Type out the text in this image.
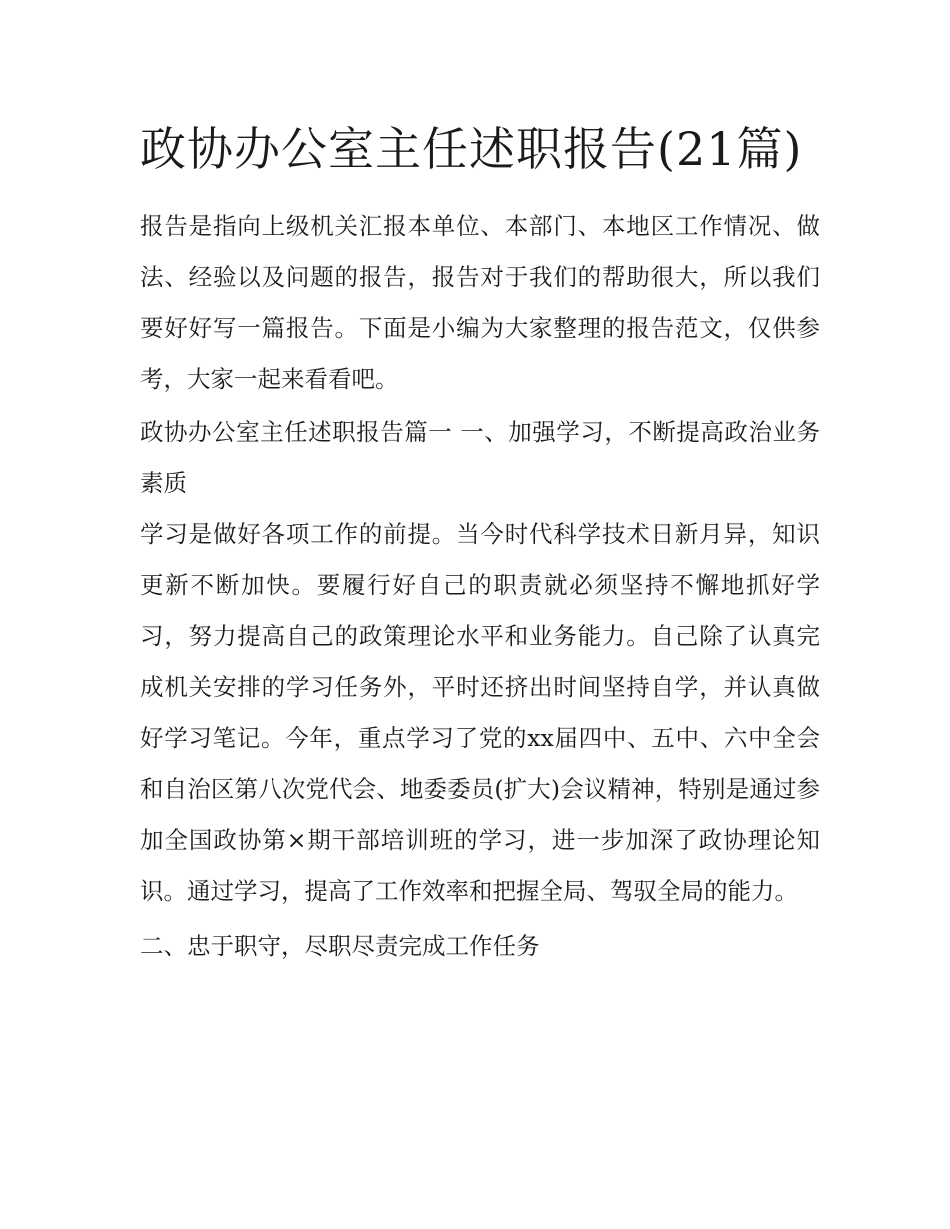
政协办公室主任述职报告(21篇)

报告是指向上级机关汇报本单位、本部门、本地区工作情况、做法、经验以及问题的报告，报告对于我们的帮助很大，所以我们要好好写一篇报告。下面是小编为大家整理的报告范文，仅供参考，大家一起来看看吧。

政协办公室主任述职报告篇一 一、加强学习，不断提高政治业务素质

学习是做好各项工作的前提。当今时代科学技术日新月异，知识更新不断加快。要履行好自己的职责就必须坚持不懈地抓好学习，努力提高自己的政策理论水平和业务能力。自己除了认真完成机关安排的学习任务外，平时还挤出时间坚持自学，并认真做好学习笔记。今年，重点学习了党的xx届四中、五中、六中全会和自治区第八次党代会、地委委员(扩大)会议精神，特别是通过参加全国政协第×期干部培训班的学习，进一步加深了政协理论知识。通过学习，提高了工作效率和把握全局、驾驭全局的能力。

二、忠于职守，尽职尽责完成工作任务
